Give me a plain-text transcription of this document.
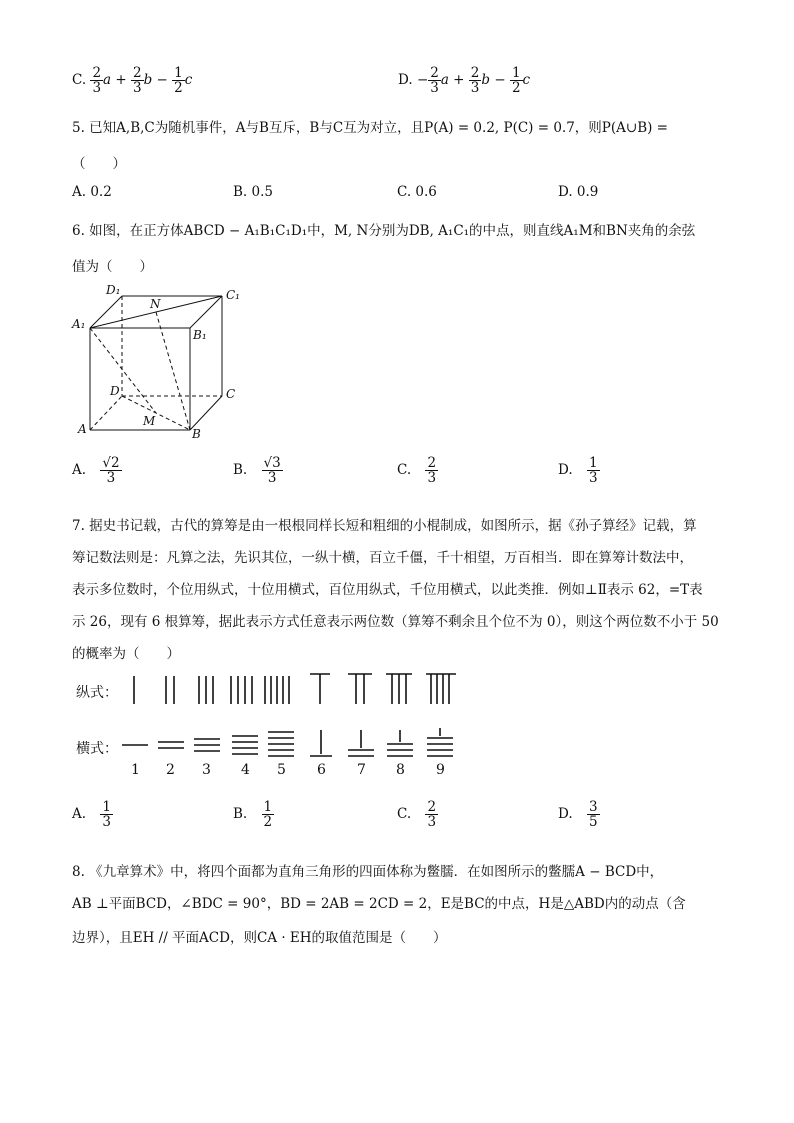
C. $\frac{2}{3}$ $a + \frac{2}{3}$ $b - \frac{1}{2}$ c	D. − $\frac{2}{3}$ $a + \frac{2}{3}$ $b - \frac{1}{2}$ c
5. 已知A,B,C为随机事件，A与B互斥，B与C互为对立，且P(A) = 0.2, P(C) = 0.7，则P(A∪B) =
（　　）
A. 0.2	B. 0.5	C. 0.6	D. 0.9
6. 如图，在正方体ABCD − A₁B₁C₁D₁中，M, N分别为DB, A₁C₁的中点，则直线A₁M和BN夹角的余弦
值为（　　）
D₁	C₁
A₁
B₁
N
D	C
A
M
B
A. $\frac{√2}{3}$	B. $\frac{√3}{3}$	C. $\frac{2}{3}$	D. $\frac{1}{3}$
7. 据史书记载，古代的算筹是由一根根同样长短和粗细的小棍制成，如图所示，据《孙子算经》记载，算
筹记数法则是：凡算之法，先识其位，一纵十横，百立千僵，千十相望，万百相当．即在算筹计数法中，
表示多位数时，个位用纵式，十位用横式，百位用纵式，千位用横式，以此类推．例如⊥Ⅱ表示 62，=T表
示 26，现有 6 根算筹，据此表示方式任意表示两位数（算筹不剩余且个位不为 0），则这个两位数不小于 50
的概率为（　　）
纵式：
横式：
1 2 3 4 5 6 7 8 9
A. $\frac{1}{3}$	B. $\frac{1}{2}$	C. $\frac{2}{3}$	D. $\frac{3}{5}$
8. 《九章算术》中，将四个面都为直角三角形的四面体称为鳖臑．在如图所示的鳖臑A − BCD中，
AB ⊥平面BCD，∠BDC = 90°，BD = 2AB = 2CD = 2，E是BC的中点，H是△ABD内的动点（含
边界），且EH // 平面ACD，则CA · EH的取值范围是（　　）
